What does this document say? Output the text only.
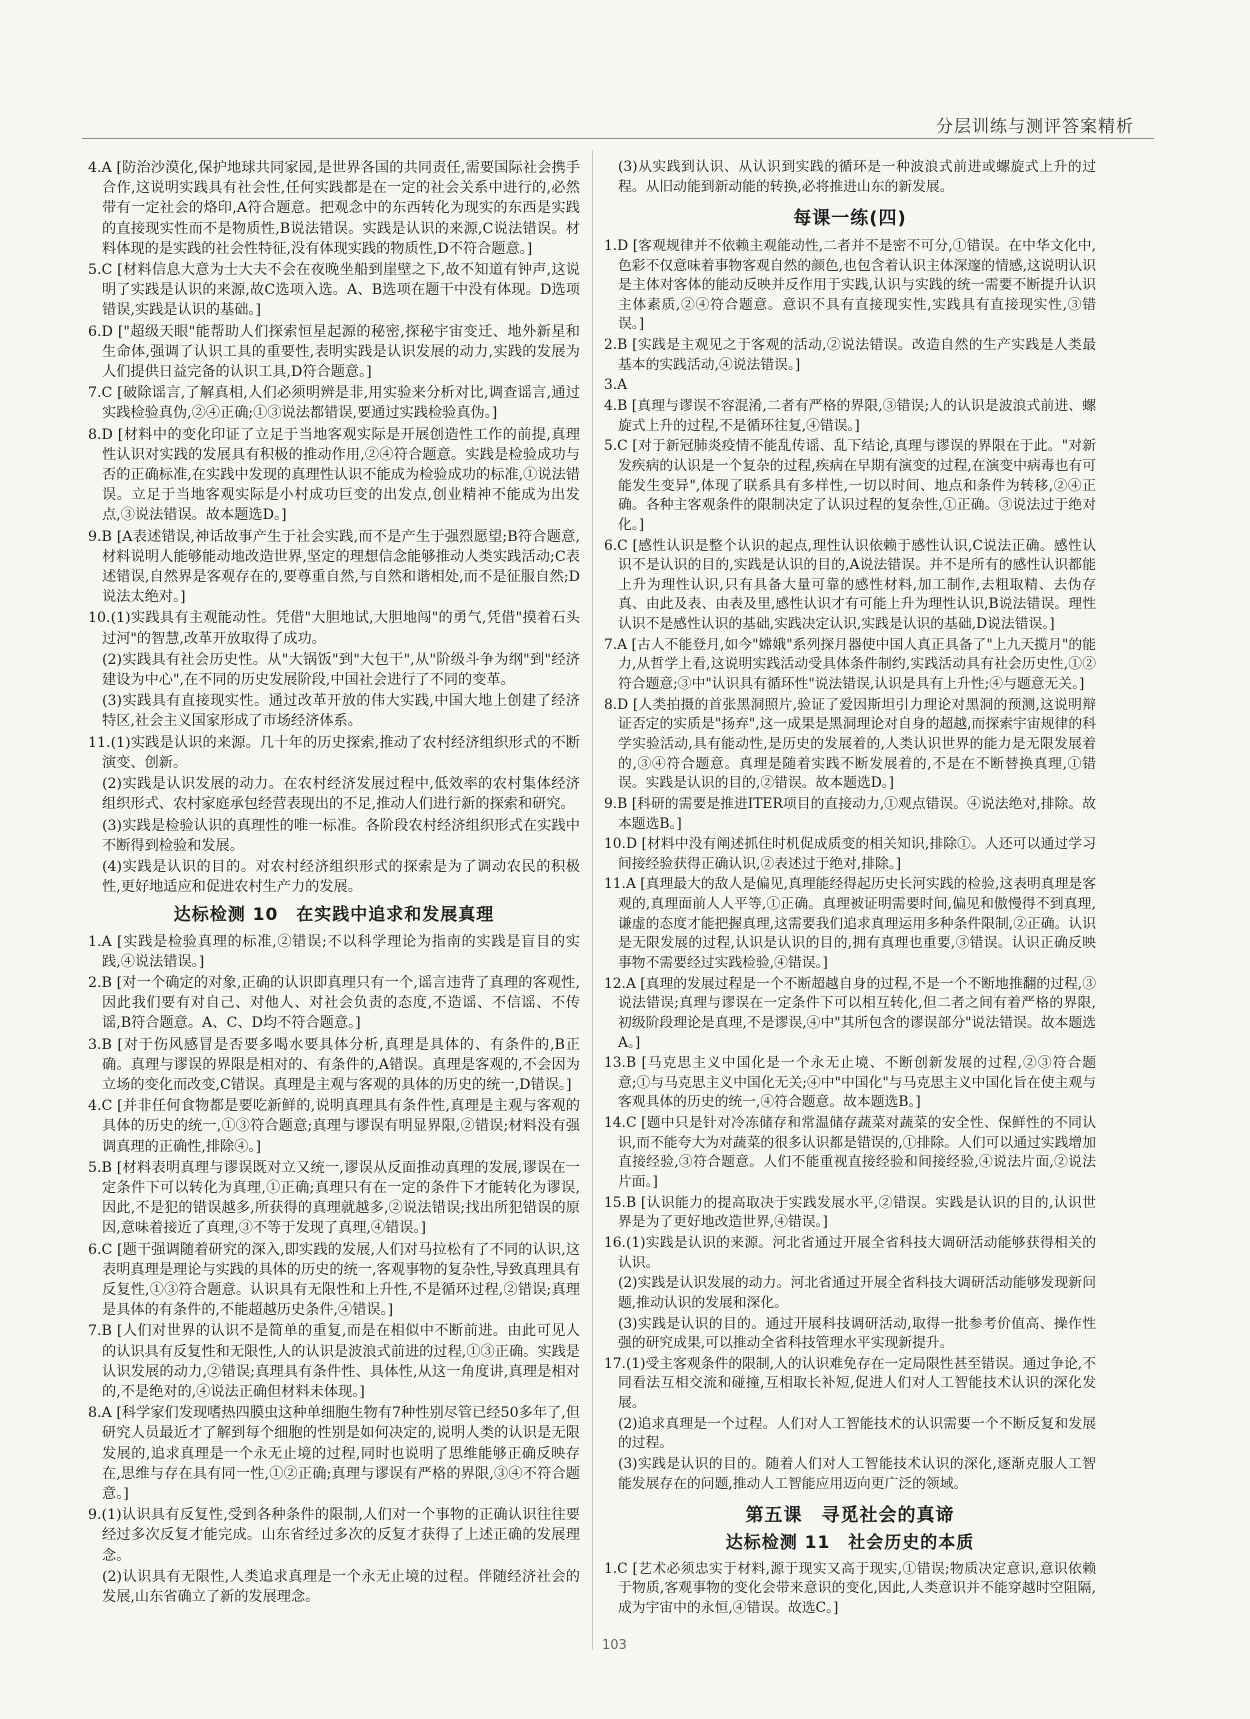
分层训练与测评答案精析

4.A [防治沙漠化,保护地球共同家园,是世界各国的共同责任,需要国际社会携手合作,这说明实践具有社会性,任何实践都是在一定的社会关系中进行的,必然带有一定社会的烙印,A符合题意。把观念中的东西转化为现实的东西是实践的直接现实性而不是物质性,B说法错误。实践是认识的来源,C说法错误。材料体现的是实践的社会性特征,没有体现实践的物质性,D不符合题意。]

5.C [材料信息大意为士大夫不会在夜晚坐船到崖壁之下,故不知道有钟声,这说明了实践是认识的来源,故C选项入选。A、B选项在题干中没有体现。D选项错误,实践是认识的基础。]

6.D ["超级天眼"能帮助人们探索恒星起源的秘密,探秘宇宙变迁、地外新星和生命体,强调了认识工具的重要性,表明实践是认识发展的动力,实践的发展为人们提供日益完备的认识工具,D符合题意。]

7.C [破除谣言,了解真相,人们必须明辨是非,用实验来分析对比,调查谣言,通过实践检验真伪,②④正确;①③说法都错误,要通过实践检验真伪。]

8.D [材料中的变化印证了立足于当地客观实际是开展创造性工作的前提,真理性认识对实践的发展具有积极的推动作用,②④符合题意。实践是检验成功与否的正确标准,在实践中发现的真理性认识不能成为检验成功的标准,①说法错误。立足于当地客观实际是小村成功巨变的出发点,创业精神不能成为出发点,③说法错误。故本题选D。]

9.B [A表述错误,神话故事产生于社会实践,而不是产生于强烈愿望;B符合题意,材料说明人能够能动地改造世界,坚定的理想信念能够推动人类实践活动;C表述错误,自然界是客观存在的,要尊重自然,与自然和谐相处,而不是征服自然;D说法太绝对。]

10.(1)实践具有主观能动性。凭借"大胆地试,大胆地闯"的勇气,凭借"摸着石头过河"的智慧,改革开放取得了成功。

(2)实践具有社会历史性。从"大锅饭"到"大包干",从"阶级斗争为纲"到"经济建设为中心",在不同的历史发展阶段,中国社会进行了不同的变革。

(3)实践具有直接现实性。通过改革开放的伟大实践,中国大地上创建了经济特区,社会主义国家形成了市场经济体系。

11.(1)实践是认识的来源。几十年的历史探索,推动了农村经济组织形式的不断演变、创新。

(2)实践是认识发展的动力。在农村经济发展过程中,低效率的农村集体经济组织形式、农村家庭承包经营表现出的不足,推动人们进行新的探索和研究。

(3)实践是检验认识的真理性的唯一标准。各阶段农村经济组织形式在实践中不断得到检验和发展。

(4)实践是认识的目的。对农村经济组织形式的探索是为了调动农民的积极性,更好地适应和促进农村生产力的发展。

达标检测 10　在实践中追求和发展真理

1.A [实践是检验真理的标准,②错误;不以科学理论为指南的实践是盲目的实践,④说法错误。]

2.B [对一个确定的对象,正确的认识即真理只有一个,谣言违背了真理的客观性,因此我们要有对自己、对他人、对社会负责的态度,不造谣、不信谣、不传谣,B符合题意。A、C、D均不符合题意。]

3.B [对于伤风感冒是否要多喝水要具体分析,真理是具体的、有条件的,B正确。真理与谬误的界限是相对的、有条件的,A错误。真理是客观的,不会因为立场的变化而改变,C错误。真理是主观与客观的具体的历史的统一,D错误。]

4.C [并非任何食物都是要吃新鲜的,说明真理具有条件性,真理是主观与客观的具体的历史的统一,①③符合题意;真理与谬误有明显界限,②错误;材料没有强调真理的正确性,排除④。]

5.B [材料表明真理与谬误既对立又统一,谬误从反面推动真理的发展,谬误在一定条件下可以转化为真理,①正确;真理只有在一定的条件下才能转化为谬误,因此,不是犯的错误越多,所获得的真理就越多,②说法错误;找出所犯错误的原因,意味着接近了真理,③不等于发现了真理,④错误。]

6.C [题干强调随着研究的深入,即实践的发展,人们对马拉松有了不同的认识,这表明真理是理论与实践的具体的历史的统一,客观事物的复杂性,导致真理具有反复性,①③符合题意。认识具有无限性和上升性,不是循环过程,②错误;真理是具体的有条件的,不能超越历史条件,④错误。]

7.B [人们对世界的认识不是简单的重复,而是在相似中不断前进。由此可见人的认识具有反复性和无限性,人的认识是波浪式前进的过程,①③正确。实践是认识发展的动力,②错误;真理具有条件性、具体性,从这一角度讲,真理是相对的,不是绝对的,④说法正确但材料未体现。]

8.A [科学家们发现嗜热四膜虫这种单细胞生物有7种性别尽管已经50多年了,但研究人员最近才了解到每个细胞的性别是如何决定的,说明人类的认识是无限发展的,追求真理是一个永无止境的过程,同时也说明了思维能够正确反映存在,思维与存在具有同一性,①②正确;真理与谬误有严格的界限,③④不符合题意。]

9.(1)认识具有反复性,受到各种条件的限制,人们对一个事物的正确认识往往要经过多次反复才能完成。山东省经过多次的反复才获得了上述正确的发展理念。

(2)认识具有无限性,人类追求真理是一个永无止境的过程。伴随经济社会的发展,山东省确立了新的发展理念。

(3)从实践到认识、从认识到实践的循环是一种波浪式前进或螺旋式上升的过程。从旧动能到新动能的转换,必将推进山东的新发展。

每课一练(四)

1.D [客观规律并不依赖主观能动性,二者并不是密不可分,①错误。在中华文化中,色彩不仅意味着事物客观自然的颜色,也包含着认识主体深邃的情感,这说明认识是主体对客体的能动反映并反作用于实践,认识与实践的统一需要不断提升认识主体素质,②④符合题意。意识不具有直接现实性,实践具有直接现实性,③错误。]

2.B [实践是主观见之于客观的活动,②说法错误。改造自然的生产实践是人类最基本的实践活动,④说法错误。]

3.A

4.B [真理与谬误不容混淆,二者有严格的界限,③错误;人的认识是波浪式前进、螺旋式上升的过程,不是循环往复,④错误。]

5.C [对于新冠肺炎疫情不能乱传谣、乱下结论,真理与谬误的界限在于此。"对新发疾病的认识是一个复杂的过程,疾病在早期有演变的过程,在演变中病毒也有可能发生变异",体现了联系具有多样性,一切以时间、地点和条件为转移,②④正确。各种主客观条件的限制决定了认识过程的复杂性,①正确。③说法过于绝对化。]

6.C [感性认识是整个认识的起点,理性认识依赖于感性认识,C说法正确。感性认识不是认识的目的,实践是认识的目的,A说法错误。并不是所有的感性认识都能上升为理性认识,只有具备大量可靠的感性材料,加工制作,去粗取精、去伪存真、由此及表、由表及里,感性认识才有可能上升为理性认识,B说法错误。理性认识不是感性认识的基础,实践决定认识,实践是认识的基础,D说法错误。]

7.A [古人不能登月,如今"嫦娥"系列探月器使中国人真正具备了"上九天揽月"的能力,从哲学上看,这说明实践活动受具体条件制约,实践活动具有社会历史性,①②符合题意;③中"认识具有循环性"说法错误,认识是具有上升性;④与题意无关。]

8.D [人类拍摄的首张黑洞照片,验证了爱因斯坦引力理论对黑洞的预测,这说明辩证否定的实质是"扬弃",这一成果是黑洞理论对自身的超越,而探索宇宙规律的科学实验活动,具有能动性,是历史的发展着的,人类认识世界的能力是无限发展着的,③④符合题意。真理是随着实践不断发展着的,不是在不断替换真理,①错误。实践是认识的目的,②错误。故本题选D。]

9.B [科研的需要是推进ITER项目的直接动力,①观点错误。④说法绝对,排除。故本题选B。]

10.D [材料中没有阐述抓住时机促成质变的相关知识,排除①。人还可以通过学习间接经验获得正确认识,②表述过于绝对,排除。]

11.A [真理最大的敌人是偏见,真理能经得起历史长河实践的检验,这表明真理是客观的,真理面前人人平等,①正确。真理被证明需要时间,偏见和傲慢得不到真理,谦虚的态度才能把握真理,这需要我们追求真理运用多种条件限制,②正确。认识是无限发展的过程,认识是认识的目的,拥有真理也重要,③错误。认识正确反映事物不需要经过实践检验,④错误。]

12.A [真理的发展过程是一个不断超越自身的过程,不是一个不断地推翻的过程,③说法错误;真理与谬误在一定条件下可以相互转化,但二者之间有着严格的界限,初级阶段理论是真理,不是谬误,④中"其所包含的谬误部分"说法错误。故本题选A。]

13.B [马克思主义中国化是一个永无止境、不断创新发展的过程,②③符合题意;①与马克思主义中国化无关;④中"中国化"与马克思主义中国化旨在使主观与客观具体的历史的统一,④符合题意。故本题选B。]

14.C [题中只是针对冷冻储存和常温储存蔬菜对蔬菜的安全性、保鲜性的不同认识,而不能夸大为对蔬菜的很多认识都是错误的,①排除。人们可以通过实践增加直接经验,③符合题意。人们不能重视直接经验和间接经验,④说法片面,②说法片面。]

15.B [认识能力的提高取决于实践发展水平,②错误。实践是认识的目的,认识世界是为了更好地改造世界,④错误。]

16.(1)实践是认识的来源。河北省通过开展全省科技大调研活动能够获得相关的认识。

(2)实践是认识发展的动力。河北省通过开展全省科技大调研活动能够发现新问题,推动认识的发展和深化。

(3)实践是认识的目的。通过开展科技调研活动,取得一批参考价值高、操作性强的研究成果,可以推动全省科技管理水平实现新提升。

17.(1)受主客观条件的限制,人的认识难免存在一定局限性甚至错误。通过争论,不同看法互相交流和碰撞,互相取长补短,促进人们对人工智能技术认识的深化发展。

(2)追求真理是一个过程。人们对人工智能技术的认识需要一个不断反复和发展的过程。

(3)实践是认识的目的。随着人们对人工智能技术认识的深化,逐渐克服人工智能发展存在的问题,推动人工智能应用迈向更广泛的领域。

第五课　寻觅社会的真谛
达标检测 11　社会历史的本质

1.C [艺术必须忠实于材料,源于现实又高于现实,①错误;物质决定意识,意识依赖于物质,客观事物的变化会带来意识的变化,因此,人类意识并不能穿越时空阻隔,成为宇宙中的永恒,④错误。故选C。]

103
